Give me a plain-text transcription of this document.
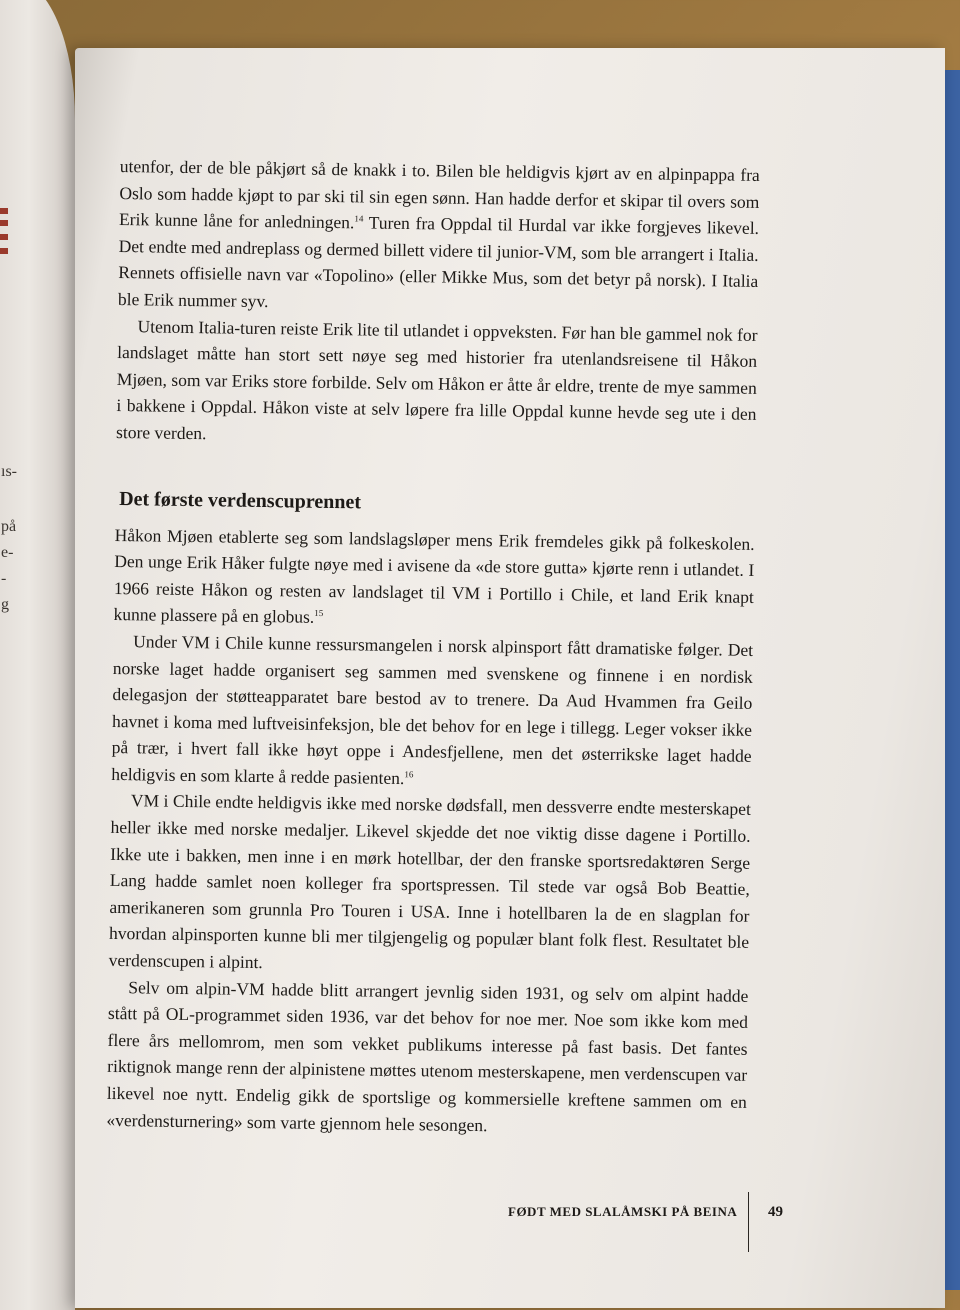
ıs-
på
e-
-
g

utenfor, der de ble påkjørt så de knakk i to. Bilen ble heldigvis kjørt av en alpinpappa fra Oslo som hadde kjøpt to par ski til sin egen sønn. Han hadde derfor et skipar til overs som Erik kunne låne for anledningen.$^{14}$ Turen fra Oppdal til Hurdal var ikke forgjeves likevel. Det endte med andreplass og dermed billett videre til junior-VM, som ble arrangert i Italia. Rennets offisielle navn var «Topolino» (eller Mikke Mus, som det betyr på norsk). I Italia ble Erik nummer syv.

Utenom Italia-turen reiste Erik lite til utlandet i oppveksten. Før han ble gammel nok for landslaget måtte han stort sett nøye seg med historier fra utenlandsreisene til Håkon Mjøen, som var Eriks store forbilde. Selv om Håkon er åtte år eldre, trente de mye sammen i bakkene i Oppdal. Håkon viste at selv løpere fra lille Oppdal kunne hevde seg ute i den store verden.

Det første verdenscuprennet

Håkon Mjøen etablerte seg som landslagsløper mens Erik fremdeles gikk på folkeskolen. Den unge Erik Håker fulgte nøye med i avisene da «de store gutta» kjørte renn i utlandet. I 1966 reiste Håkon og resten av landslaget til VM i Portillo i Chile, et land Erik knapt kunne plassere på en globus.$^{15}$

Under VM i Chile kunne ressursmangelen i norsk alpinsport fått dramatiske følger. Det norske laget hadde organisert seg sammen med svenskene og finnene i en nordisk delegasjon der støtteapparatet bare bestod av to trenere. Da Aud Hvammen fra Geilo havnet i koma med luftveisinfeksjon, ble det behov for en lege i tillegg. Leger vokser ikke på trær, i hvert fall ikke høyt oppe i Andesfjellene, men det østerrikske laget hadde heldigvis en som klarte å redde pasienten.$^{16}$

VM i Chile endte heldigvis ikke med norske dødsfall, men dessverre endte mesterskapet heller ikke med norske medaljer. Likevel skjedde det noe viktig disse dagene i Portillo. Ikke ute i bakken, men inne i en mørk hotellbar, der den franske sportsredaktøren Serge Lang hadde samlet noen kolleger fra sportspressen. Til stede var også Bob Beattie, amerikaneren som grunnla Pro Touren i USA. Inne i hotellbaren la de en slagplan for hvordan alpinsporten kunne bli mer tilgjengelig og populær blant folk flest. Resultatet ble verdenscupen i alpint.

Selv om alpin-VM hadde blitt arrangert jevnlig siden 1931, og selv om alpint hadde stått på OL-programmet siden 1936, var det behov for noe mer. Noe som ikke kom med flere års mellomrom, men som vekket publikums interesse på fast basis. Det fantes riktignok mange renn der alpinistene møttes utenom mesterskapene, men verdenscupen var likevel noe nytt. Endelig gikk de sportslige og kommersielle kreftene sammen om en «verdensturnering» som varte gjennom hele sesongen.

FØDT MED SLALÅMSKI PÅ BEINA 49
